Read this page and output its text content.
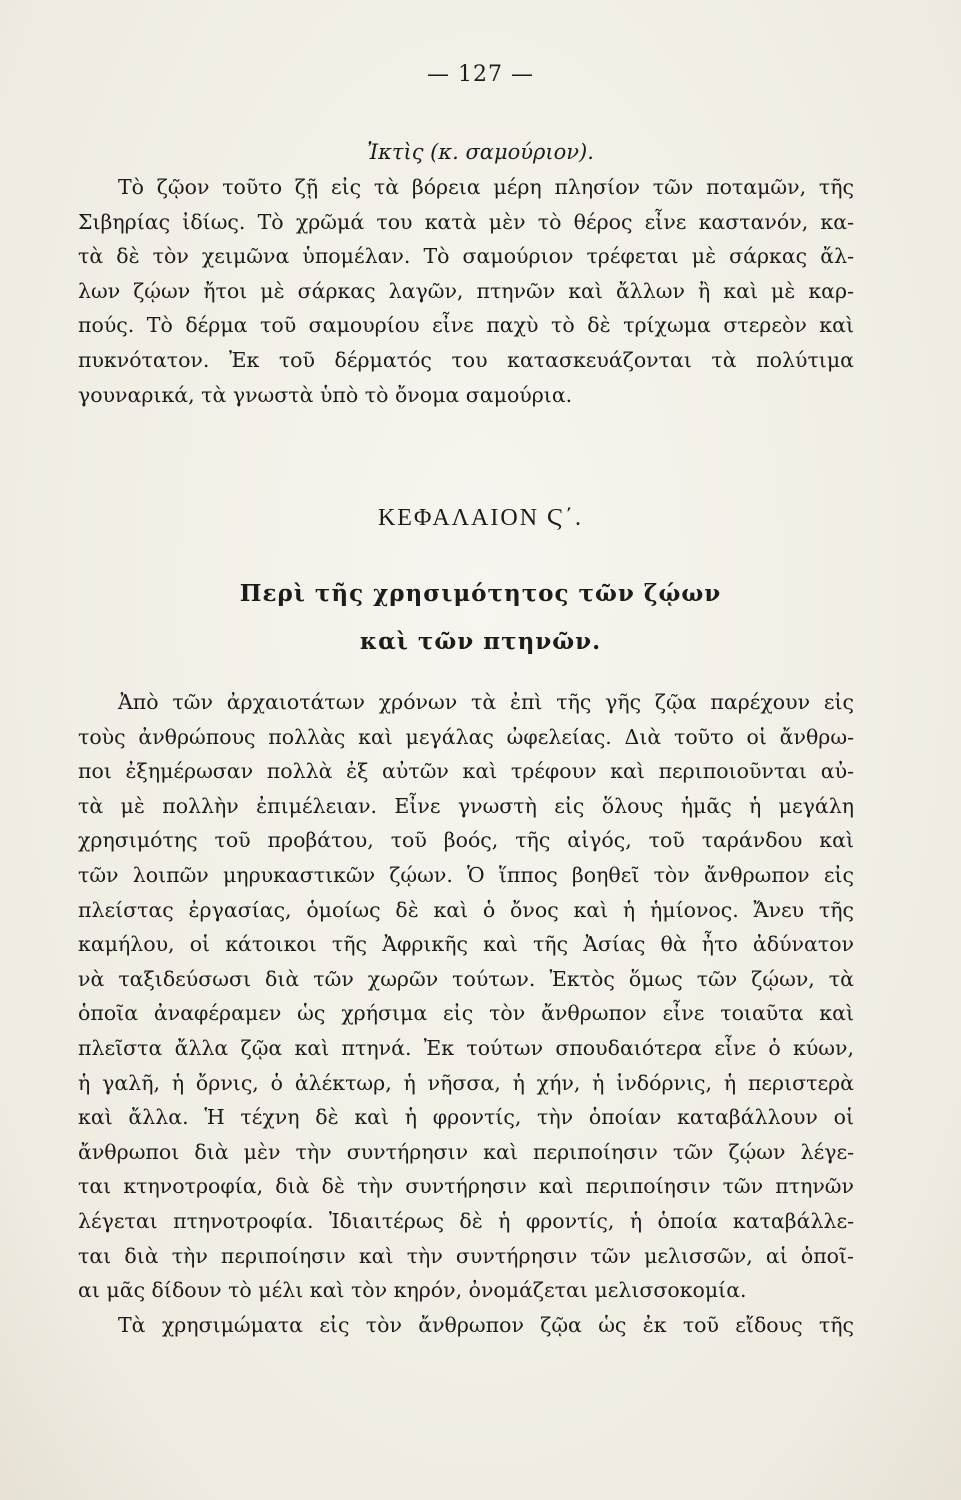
— 127 —
Ἰκτὶς (κ. σαμούριον).

Τὸ ζῷον τοῦτο ζῇ εἰς τὰ βόρεια μέρη πλησίον τῶν ποταμῶν, τῆς
Σιβηρίας ἰδίως. Τὸ χρῶμά του κατὰ μὲν τὸ θέρος εἶνε καστανόν, κα-
τὰ δὲ τὸν χειμῶνα ὑπομέλαν. Τὸ σαμούριον τρέφεται μὲ σάρκας ἄλ-
λων ζῴων ἤτοι μὲ σάρκας λαγῶν, πτηνῶν καὶ ἄλλων ἢ καὶ μὲ καρ-
πούς. Τὸ δέρμα τοῦ σαμουρίου εἶνε παχὺ τὸ δὲ τρίχωμα στερεὸν καὶ
πυκνότατον. Ἐκ τοῦ δέρματός του κατασκευάζονται τὰ πολύτιμα
γουναρικά, τὰ γνωστὰ ὑπὸ τὸ ὄνομα σαμούρια.

ΚΕΦΑΛΑΙΟΝ Ϛ΄.
Περὶ τῆς χρησιμότητος τῶν ζῴων
καὶ τῶν πτηνῶν.

Ἀπὸ τῶν ἀρχαιοτάτων χρόνων τὰ ἐπὶ τῆς γῆς ζῷα παρέχουν εἰς
τοὺς ἀνθρώπους πολλὰς καὶ μεγάλας ὠφελείας. Διὰ τοῦτο οἱ ἄνθρω-
ποι ἐξημέρωσαν πολλὰ ἐξ αὐτῶν καὶ τρέφουν καὶ περιποιοῦνται αὐ-
τὰ μὲ πολλὴν ἐπιμέλειαν. Εἶνε γνωστὴ εἰς ὅλους ἡμᾶς ἡ μεγάλη
χρησιμότης τοῦ προβάτου, τοῦ βοός, τῆς αἰγός, τοῦ ταράνδου καὶ
τῶν λοιπῶν μηρυκαστικῶν ζῴων. Ὁ ἵππος βοηθεῖ τὸν ἄνθρωπον εἰς
πλείστας ἐργασίας, ὁμοίως δὲ καὶ ὁ ὄνος καὶ ἡ ἡμίονος. Ἄνευ τῆς
καμήλου, οἱ κάτοικοι τῆς Ἀφρικῆς καὶ τῆς Ἀσίας θὰ ἦτο ἀδύνατον
νὰ ταξιδεύσωσι διὰ τῶν χωρῶν τούτων. Ἐκτὸς ὅμως τῶν ζῴων, τὰ
ὁποῖα ἀναφέραμεν ὡς χρήσιμα εἰς τὸν ἄνθρωπον εἶνε τοιαῦτα καὶ
πλεῖστα ἄλλα ζῷα καὶ πτηνά. Ἐκ τούτων σπουδαιότερα εἶνε ὁ κύων,
ἡ γαλῆ, ἡ ὄρνις, ὁ ἀλέκτωρ, ἡ νῆσσα, ἡ χήν, ἡ ἰνδόρνις, ἡ περιστερὰ
καὶ ἄλλα. Ἡ τέχνη δὲ καὶ ἡ φροντίς, τὴν ὁποίαν καταβάλλουν οἱ
ἄνθρωποι διὰ μὲν τὴν συντήρησιν καὶ περιποίησιν τῶν ζῴων λέγε-
ται κτηνοτροφία, διὰ δὲ τὴν συντήρησιν καὶ περιποίησιν τῶν πτηνῶν
λέγεται πτηνοτροφία. Ἰδιαιτέρως δὲ ἡ φροντίς, ἡ ὁποία καταβάλλε-
ται διὰ τὴν περιποίησιν καὶ τὴν συντήρησιν τῶν μελισσῶν, αἱ ὁποῖ-
αι μᾶς δίδουν τὸ μέλι καὶ τὸν κηρόν, ὀνομάζεται μελισσοκομία.
Τὰ χρησιμώματα εἰς τὸν ἄνθρωπον ζῷα ὡς ἐκ τοῦ εἴδους τῆς
